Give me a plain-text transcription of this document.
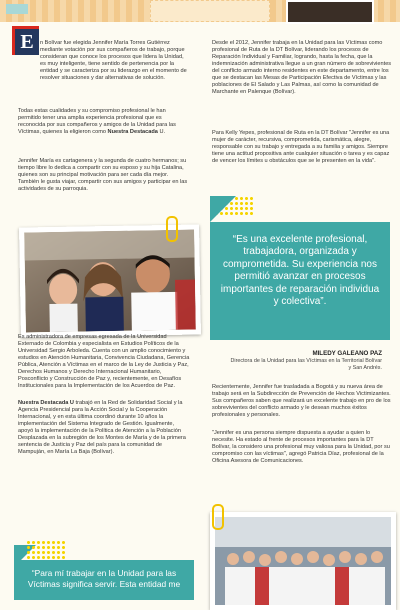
E	n Bolívar fue elegida Jennifer María Torres Gutiérrez mediante votación por sus compañeros de trabajo, porque consideran que conoce los procesos que lidera la Unidad, es muy inteligente, tiene sentido de pertenencia por la entidad y se caracteriza por su liderazgo en el momento de resolver situaciones y dar alternativas de solución.

Todas estas cualidades y su compromiso profesional le han permitido tener una amplia experiencia profesional que es reconocida por sus compañeros y amigos de la Unidad para las Víctimas, quienes la eligieron como Nuestra Destacada U.

Jennifer María es cartagenera y la segunda de cuatro hermanos; su tiempo libre lo dedica a compartir con su esposo y su hija Catalina, quienes son su principal motivación para ser cada día mejor. También le gusta viajar, compartir con sus amigos y participar en las actividades de su parroquia.

Es administradora de empresas egresada de la Universidad Externado de Colombia y especialista en Estudios Políticos de la Universidad Sergio Arboleda. Cuenta con un amplio conocimiento y estudios en Atención Humanitaria, Convivencia Ciudadana, Gerencia Pública, Atención a Víctimas en el marco de la Ley de Justicia y Paz, Derechos Humanos y Derecho Internacional Humanitario, Posconflicto y Construcción de Paz y, recientemente, en Desafíos Institucionales para la Implementación de los Acuerdos de Paz.

Nuestra Destacada U trabajó en la Red de Solidaridad Social y la Agencia Presidencial para la Acción Social y la Cooperación Internacional, y en esta última coordinó durante 10 años la implementación del Sistema Integrado de Gestión. Igualmente, apoyó la implementación de la Política de Atención a la Población Desplazada en la subregión de los Montes de María y de la primera sentencia de Justicia y Paz del país para la comunidad de Mampuján, en María La Baja (Bolívar).

“Para mí trabajar en la Unidad para las Víctimas significa servir. Esta entidad me

Desde el 2012, Jennifer trabaja en la Unidad para las Víctimas como profesional de Ruta de la DT Bolívar, liderando los procesos de Reparación Individual y Familiar, logrando, hasta la fecha, que la indemnización administrativa llegue a un gran número de sobrevivientes del conflicto armado interno residentes en este departamento, entre los que se destacan las Mesas de Participación Efectiva de Víctimas y las poblaciones de El Salado y Las Palmas, así como la comunidad de Marchante en Palenque (Bolívar).

Para Kelly Yepes, profesional de Ruta en la DT Bolívar "Jennifer es una mujer de carácter, recursiva, comprometida, carismática, alegre, responsable con su trabajo y entregada a su familia y amigos. Siempre tiene una actitud propositiva ante cualquier situación o tarea y es capaz de vencer los límites u obstáculos que se le presenten en la vida".

“Es una excelente profesional, trabajadora, organizada y comprometida. Su experiencia nos permitió avanzar en procesos importantes de reparación individua y colectiva”.

MILEDY GALEANO PAZ

Directora de la Unidad para las Víctimas en la Territorial Bolívar y San Andrés.

Recientemente, Jennifer fue trasladada a Bogotá y su nueva área de trabajo será en la Subdirección de Prevención de Hechos Victimizantes. Sus compañeros saben que realizará un excelente trabajo en pro de los sobrevivientes del conflicto armado y le desean muchos éxitos profesionales y personales.

"Jennifer es una persona siempre dispuesta a ayudar a quien lo necesite. Ha estado al frente de procesos importantes para la DT Bolívar, la considero una profesional muy valiosa para la Unidad, por su compromiso con las víctimas", agregó Patricia Díaz, profesional de la Oficina Asesora de Comunicaciones.
